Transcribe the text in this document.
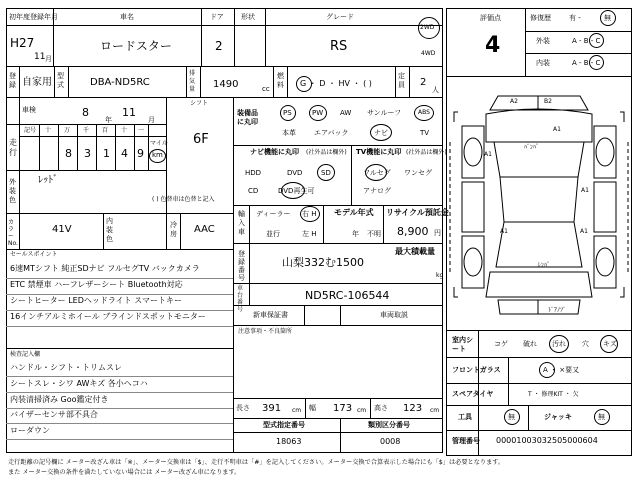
初年度登録年月	車名	ドア 形状	グレード
H27
11 月
ロードスター	2	RS
2WD
4WD
登録 自家用
型式	DBA-ND5RC
排気量 1490	cc
燃料 G ・ D ・ HV ・ ( )
定員 2
人
車検	8
年
11
月
シフト
6F
走行
記号 十 万 千 百 十 一
8 3 1 4 9
マイル
km
外装色
ﾚｯﾄﾞ
( ) 色替車は色替と記入
カラーNo.
41V
内装色
冷房 AAC
装備品に丸印
PS	PW AW サンルーフ	ABS
本革	エアバック	ナビ	TV
ナビ機能に丸印 (社外品は欄外) TV機能に丸印 (社外品は欄外)
HDD	DVD	SD
CD	DVD再生可
フルセグ ワンセグ
アナログ
輸入車
ディーラー 右 H
並行	左 H
モデル年式
年 不明
リサイクル預託金
8,900 円
登録番号
最大積載量
山梨332む1500
kg
車台番号
ND5RC-106544
新車保証書	車両取説
注意事項・不良箇所
長さ 391 cm 幅 173 cm 高さ 123 cm
型式指定番号
18063
類別区分番号
0008
セールスポイント
6速MTシフト 純正SDナビ フルセグTV バックカメラ
ETC 禁煙車 ハーフレザーシート Bluetooth対応
シートヒーター LEDヘッドライト スマートキー
16インチアルミホイール ブラインドスポットモニター
検査記入欄
ハンドル・シフト・トリムスレ
シートスレ・シワ AWキズ 各小ヘコハ
内装清掃済み Goo鑑定付き
バイザーセンサ部不具合
ローダウン
評価点
4
修復歴	有 -	無
外装	A - B - C
内装	A - B - C
A2	B2
A1
A1
A1
A1	A1
ﾊﾞﾝﾊﾟ
ﾚﾝﾊﾟ
ﾄﾞｱﾉﾌﾞ
室内シート
コゲ 破れ 汚れ 穴 キズ
フロントガラス	A ・ ×要又
スペアタイヤ	T ・ 修理KIT ・ 欠
工具	無	ジャッキ	無
管理番号 00001003032505000604
走行距離の記号欄に メーター改ざん車は「※」、メーター交換車は「$」、走行不明車は「#」を記入してください。メーター交換で合算表示した場合にも「$」は必要となります。
また メーター交換の条件を満たしていない場合には メーター改ざん車になります。
